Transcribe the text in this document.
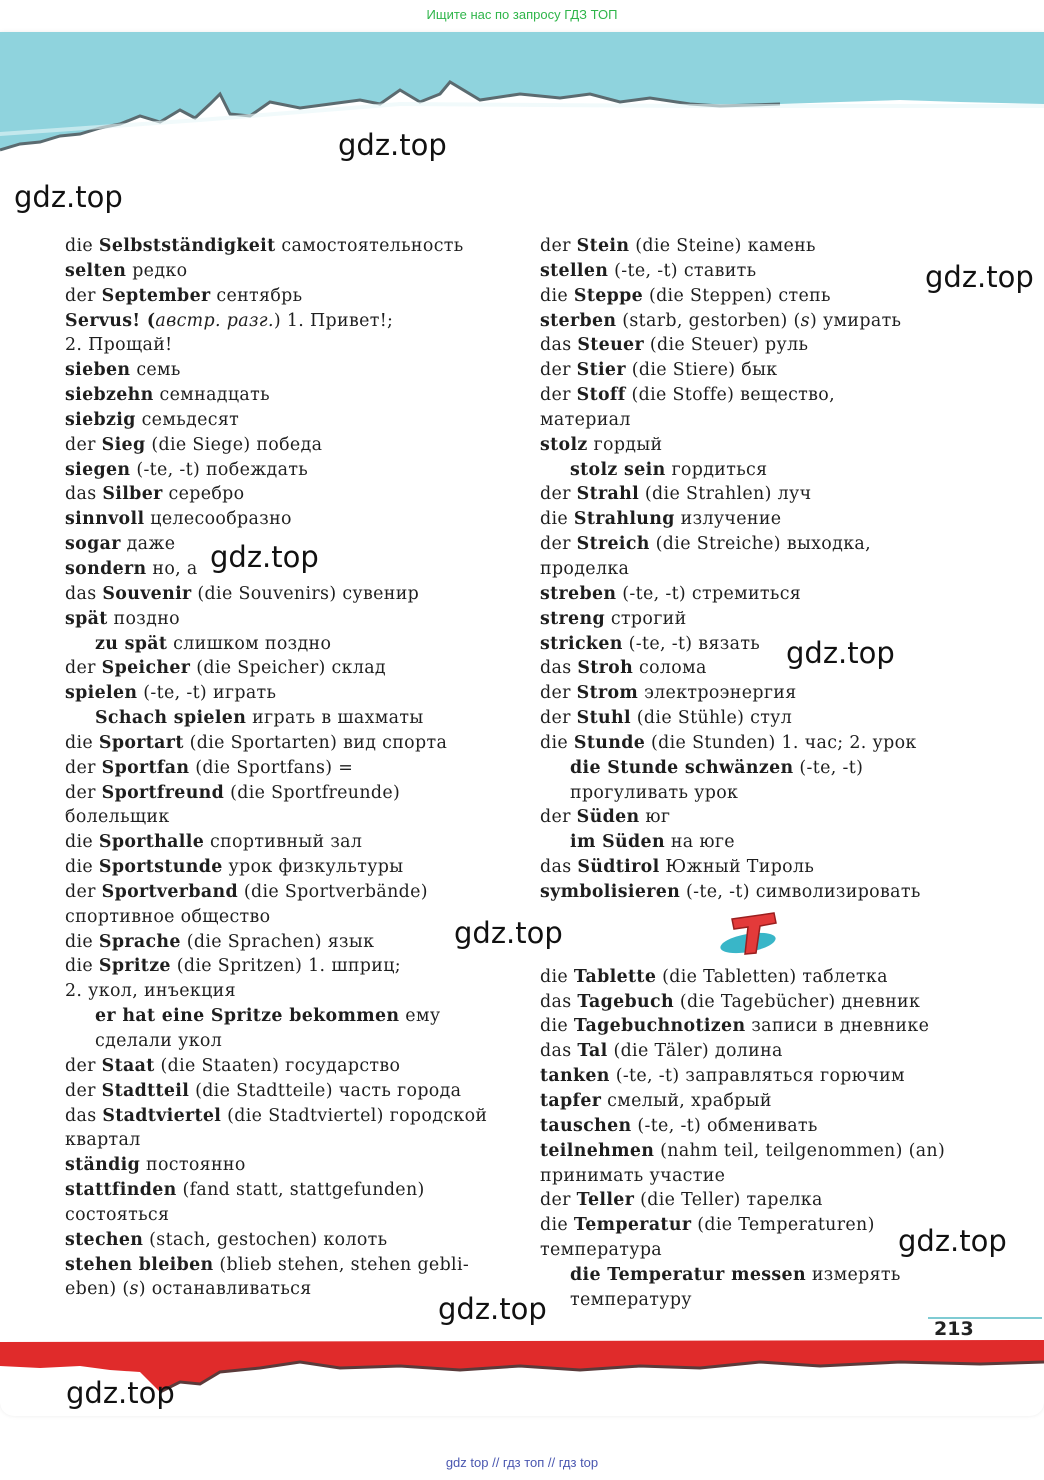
Ищите нас по запросу ГДЗ ТОП
die Selbstständigkeit самостоятельность
selten редко
der September сентябрь
Servus! (австр. разг.) 1. Привет!;
2. Прощай!
sieben семь
siebzehn семнадцать
siebzig семьдесят
der Sieg (die Siege) победа
siegen (-te, -t) побеждать
das Silber серебро
sinnvoll целесообразно
sogar даже
sondern но, а
das Souvenir (die Souvenirs) сувенир
spät поздно
zu spät слишком поздно
der Speicher (die Speicher) склад
spielen (-te, -t) играть
Schach spielen играть в шахматы
die Sportart (die Sportarten) вид спорта
der Sportfan (die Sportfans) =
der Sportfreund (die Sportfreunde)
болельщик
die Sporthalle спортивный зал
die Sportstunde урок физкультуры
der Sportverband (die Sportverbände)
спортивное общество
die Sprache (die Sprachen) язык
die Spritze (die Spritzen) 1. шприц;
2. укол, инъекция
er hat eine Spritze bekommen ему
сделали укол
der Staat (die Staaten) государство
der Stadtteil (die Stadtteile) часть города
das Stadtviertel (die Stadtviertel) городской
квартал
ständig постоянно
stattfinden (fand statt, stattgefunden)
состояться
stechen (stach, gestochen) колоть
stehen bleiben (blieb stehen, stehen gebli-
eben) (s) останавливаться
der Stein (die Steine) камень
stellen (-te, -t) ставить
die Steppe (die Steppen) степь
sterben (starb, gestorben) (s) умирать
das Steuer (die Steuer) руль
der Stier (die Stiere) бык
der Stoff (die Stoffe) вещество,
материал
stolz гордый
stolz sein гордиться
der Strahl (die Strahlen) луч
die Strahlung излучение
der Streich (die Streiche) выходка,
проделка
streben (-te, -t) стремиться
streng строгий
stricken (-te, -t) вязать
das Stroh солома
der Strom электроэнергия
der Stuhl (die Stühle) стул
die Stunde (die Stunden) 1. час; 2. урок
die Stunde schwänzen (-te, -t)
прогуливать урок
der Süden юг
im Süden на юге
das Südtirol Южный Тироль
symbolisieren (-te, -t) символизировать
die Tablette (die Tabletten) таблетка
das Tagebuch (die Tagebücher) дневник
die Tagebuchnotizen записи в дневнике
das Tal (die Täler) долина
tanken (-te, -t) заправляться горючим
tapfer смелый, храбрый
tauschen (-te, -t) обменивать
teilnehmen (nahm teil, teilgenommen) (an)
принимать участие
der Teller (die Teller) тарелка
die Temperatur (die Temperaturen)
температура
die Temperatur messen измерять
температуру
213
gdz.top
gdz.top
gdz.top
gdz.top
gdz.top
gdz.top
gdz.top
gdz.top
gdz.top
gdz top // гдз топ // гдз top
